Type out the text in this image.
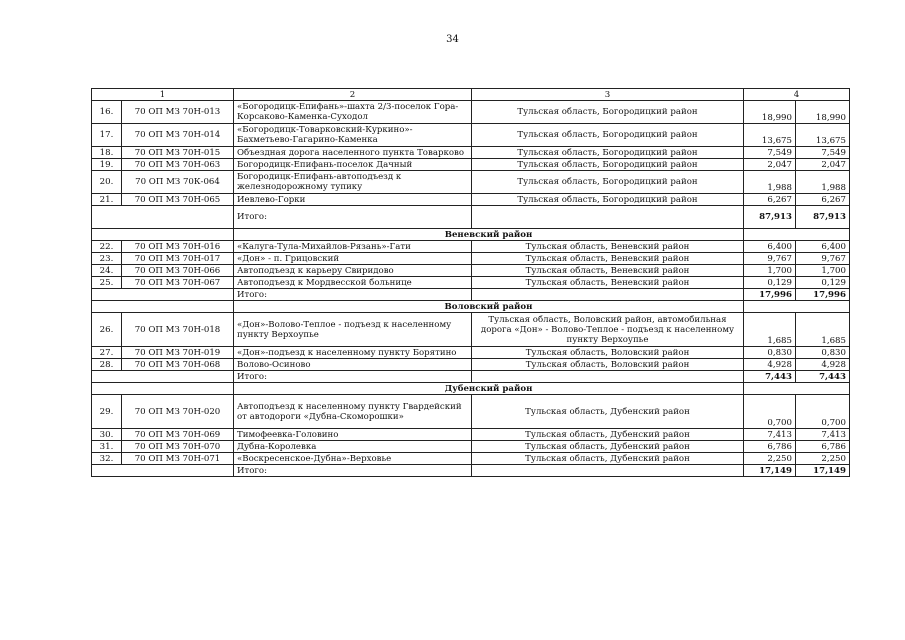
34
1		2	3	4	
16.	70 ОП МЗ 70Н-013	«Богородицк-Епифань»-шахта 2/3-поселок Гора-Корсаково-Каменка-Суходол	Тульская область, Богородицкий район	18,990	18,990
17.	70 ОП МЗ 70Н-014	«Богородицк-Товарковский-Куркино»-Бахметьево-Гагарино-Каменка	Тульская область, Богородицкий район	13,675	13,675
18.	70 ОП МЗ 70Н-015	Объездная дорога населенного пункта Товарково	Тульская область, Богородицкий район	7,549	7,549
19.	70 ОП МЗ 70Н-063	Богородицк-Епифань-поселок Дачный	Тульская область, Богородицкий район	2,047	2,047
20.	70 ОП МЗ 70К-064	Богородицк-Епифань-автоподъезд к железнодорожному тупику	Тульская область, Богородицкий район	1,988	1,988
21.	70 ОП МЗ 70Н-065	Иевлево-Горки	Тульская область, Богородицкий район	6,267	6,267
		Итого:		87,913	87,913
		Веневский район			
22.	70 ОП МЗ 70Н-016	«Калуга-Тула-Михайлов-Рязань»-Гати	Тульская область, Веневский район	6,400	6,400
23.	70 ОП МЗ 70Н-017	«Дон» - п. Грицовский	Тульская область, Веневский район	9,767	9,767
24.	70 ОП МЗ 70Н-066	Автоподъезд к карьеру Свиридово	Тульская область, Веневский район	1,700	1,700
25.	70 ОП МЗ 70Н-067	Автоподъезд к Мордвесской больнице	Тульская область, Веневский район	0,129	0,129
		Итого:		17,996	17,996
		Воловский район			
26.	70 ОП МЗ 70Н-018	«Дон»-Волово-Теплое - подъезд к населенному пункту Верхоупье	Тульская область, Воловский район, автомобильная дорога «Дон» - Волово-Теплое - подъезд к населенному пункту Верхоупье	1,685	1,685
27.	70 ОП МЗ 70Н-019	«Дон»-подъезд к населенному пункту Борятино	Тульская область, Воловский район	0,830	0,830
28.	70 ОП МЗ 70Н-068	Волово-Осиново	Тульская область, Воловский район	4,928	4,928
		Итого:		7,443	7,443
		Дубенский район			
29.	70 ОП МЗ 70Н-020	Автоподъезд к населенному пункту Гвардейский от автодороги «Дубна-Скоморошки»	Тульская область, Дубенский район	0,700	0,700
30.	70 ОП МЗ 70Н-069	Тимофеевка-Головино	Тульская область, Дубенский район	7,413	7,413
31.	70 ОП МЗ 70Н-070	Дубна-Королевка	Тульская область, Дубенский район	6,786	6,786
32.	70 ОП МЗ 70Н-071	«Воскресенское-Дубна»-Верховье	Тульская область, Дубенский район	2,250	2,250
		Итого:		17,149	17,149
